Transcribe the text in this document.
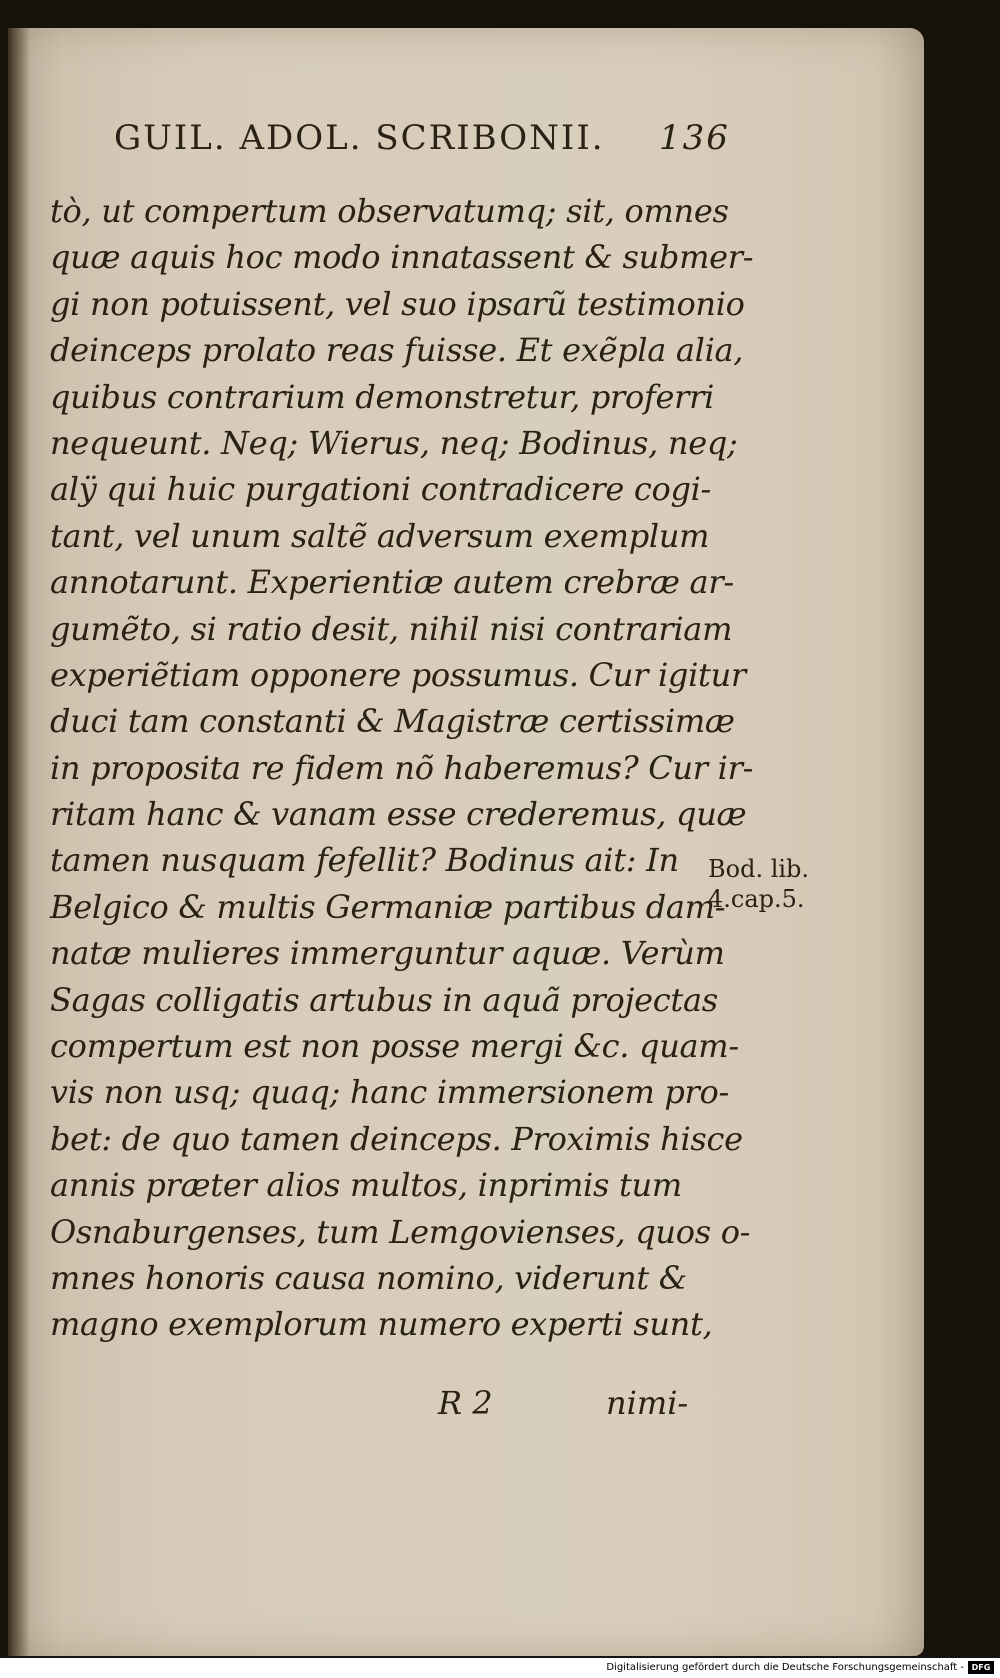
GUIL. ADOL. SCRIBONII. 136
tò, ut compertum observatumq; sit, omnes
quæ aquis hoc modo innatassent & submer-
gi non potuissent, vel suo ipsarũ testimonio
deinceps prolato reas fuisse. Et exẽpla alia,
quibus contrarium demonstretur, proferri
nequeunt. Neq; Wierus, neq; Bodinus, neq;
alÿ qui huic purgationi contradicere cogi-
tant, vel unum saltẽ adversum exemplum
annotarunt. Experientiæ autem crebræ ar-
gumẽto, si ratio desit, nihil nisi contrariam
experiẽtiam opponere possumus. Cur igitur
duci tam constanti & Magistræ certissimæ
in proposita re fidem nõ haberemus? Cur ir-
ritam hanc & vanam esse crederemus, quæ
tamen nusquam fefellit? Bodinus ait: In
Belgico & multis Germaniæ partibus dam-
natæ mulieres immerguntur aquæ. Verùm
Sagas colligatis artubus in aquã projectas
compertum est non posse mergi &c. quam-
vis non usq; quaq; hanc immersionem pro-
bet: de quo tamen deinceps. Proximis hisce
annis præter alios multos, inprimis tum
Osnaburgenses, tum Lemgovienses, quos o-
mnes honoris causa nomino, viderunt &
magno exemplorum numero experti sunt,
R 2	nimi-
Bod. lib.
4.cap.5.
Digitalisierung gefördert durch die Deutsche Forschungsgemeinschaft - DFG
